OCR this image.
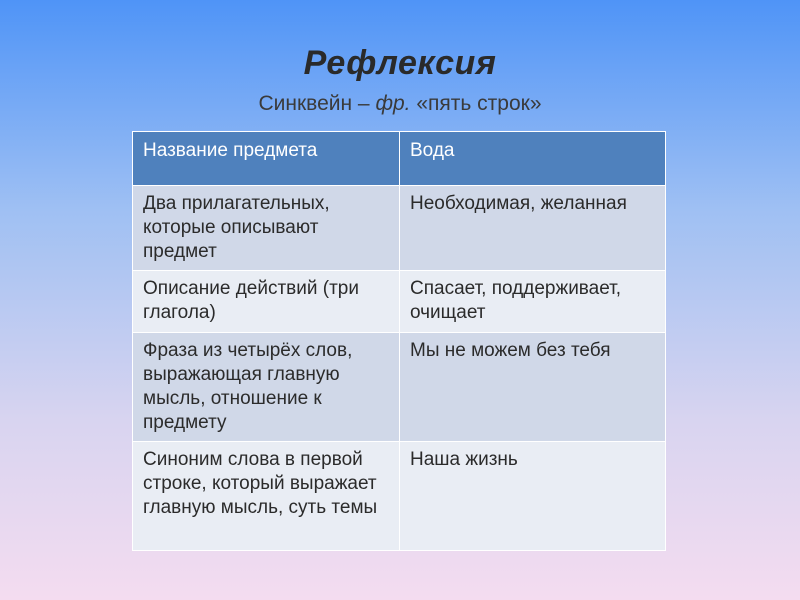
Рефлексия
Синквейн – фр. «пять строк»
Название предмета	Вода
Два прилагательных, которые описывают предмет	Необходимая, желанная
Описание действий (три глагола)	Спасает, поддерживает, очищает
Фраза из четырёх слов, выражающая главную мысль, отношение к предмету	Мы не можем без тебя
Синоним слова в первой строке, который выражает главную мысль, суть темы	Наша жизнь
